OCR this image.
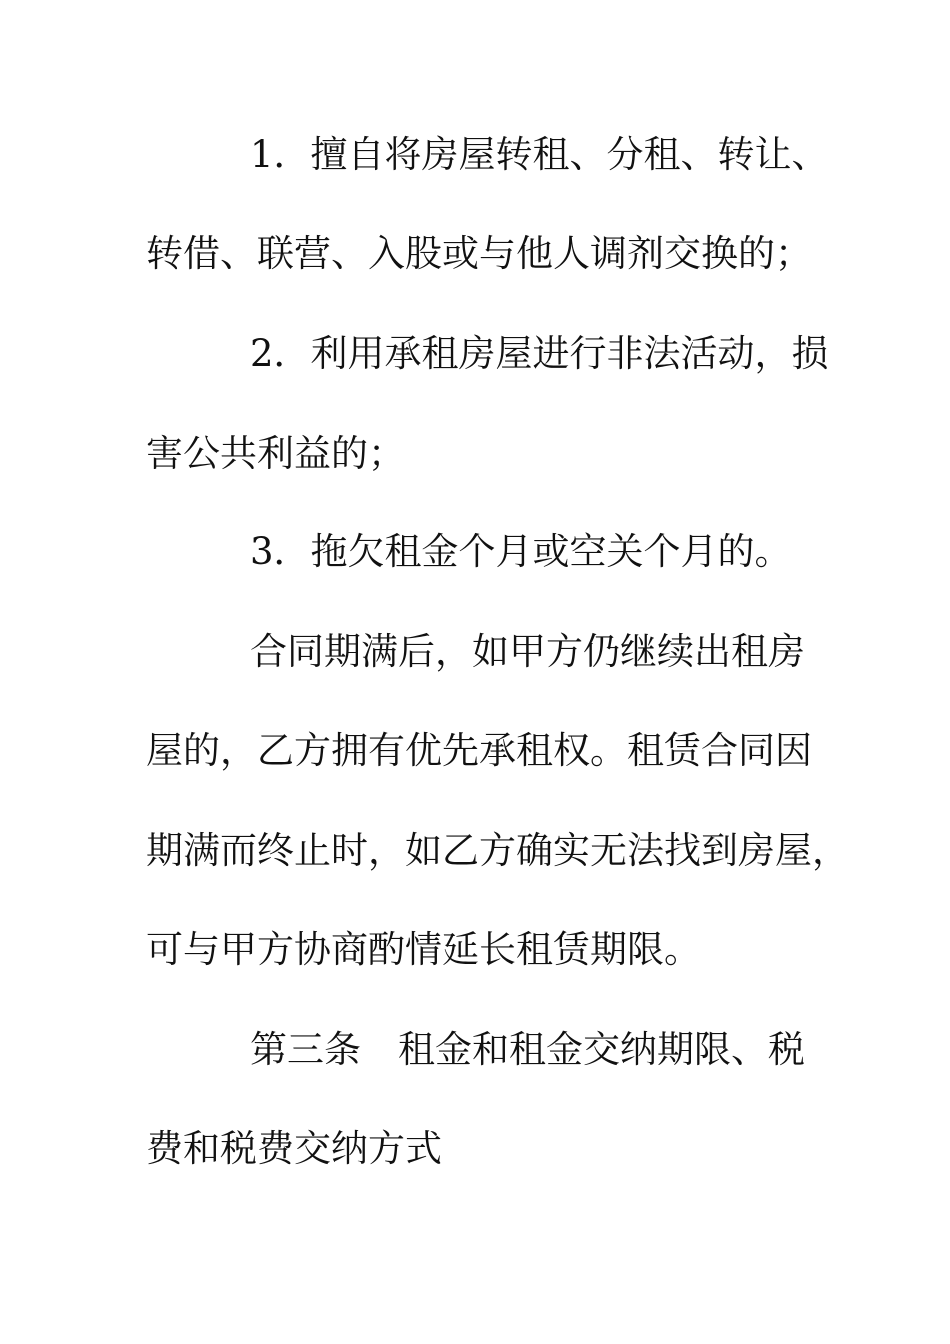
1．擅自将房屋转租、分租、转让、
转借、联营、入股或与他人调剂交换的；
2．利用承租房屋进行非法活动，损
害公共利益的；
3．拖欠租金个月或空关个月的。
合同期满后，如甲方仍继续出租房
屋的，乙方拥有优先承租权。租赁合同因
期满而终止时，如乙方确实无法找到房屋，
可与甲方协商酌情延长租赁期限。
第三条　租金和租金交纳期限、税
费和税费交纳方式
